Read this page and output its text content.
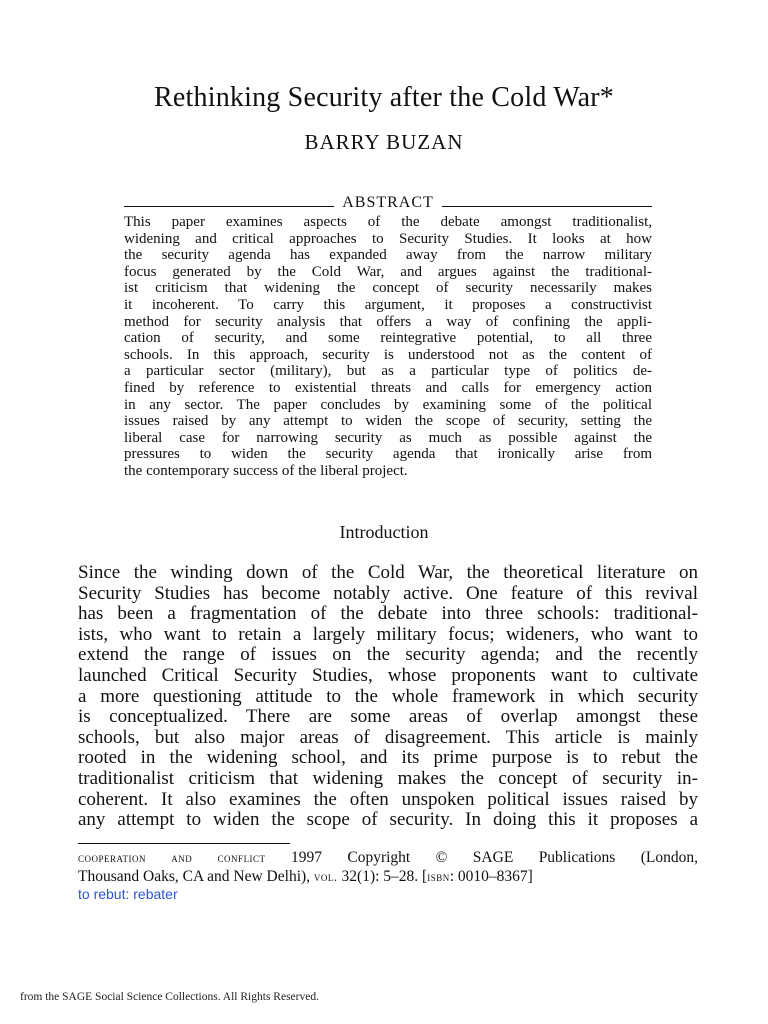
Rethinking Security after the Cold War*
BARRY BUZAN
ABSTRACT
This paper examines aspects of the debate amongst traditionalist,
widening and critical approaches to Security Studies. It looks at how
the security agenda has expanded away from the narrow military
focus generated by the Cold War, and argues against the traditional-
ist criticism that widening the concept of security necessarily makes
it incoherent. To carry this argument, it proposes a constructivist
method for security analysis that offers a way of confining the appli-
cation of security, and some reintegrative potential, to all three
schools. In this approach, security is understood not as the content of
a particular sector (military), but as a particular type of politics de-
fined by reference to existential threats and calls for emergency action
in any sector. The paper concludes by examining some of the political
issues raised by any attempt to widen the scope of security, setting the
liberal case for narrowing security as much as possible against the
pressures to widen the security agenda that ironically arise from
the contemporary success of the liberal project.
Introduction
Since the winding down of the Cold War, the theoretical literature on
Security Studies has become notably active. One feature of this revival
has been a fragmentation of the debate into three schools: traditional-
ists, who want to retain a largely military focus; wideners, who want to
extend the range of issues on the security agenda; and the recently
launched Critical Security Studies, whose proponents want to cultivate
a more questioning attitude to the whole framework in which security
is conceptualized. There are some areas of overlap amongst these
schools, but also major areas of disagreement. This article is mainly
rooted in the widening school, and its prime purpose is to rebut the
traditionalist criticism that widening makes the concept of security in-
coherent. It also examines the often unspoken political issues raised by
any attempt to widen the scope of security. In doing this it proposes a
cooperation and conflict 1997 Copyright © SAGE Publications (London,
Thousand Oaks, CA and New Delhi), vol. 32(1): 5–28. [isbn: 0010–8367]
to rebut: rebater
from the SAGE Social Science Collections. All Rights Reserved.
